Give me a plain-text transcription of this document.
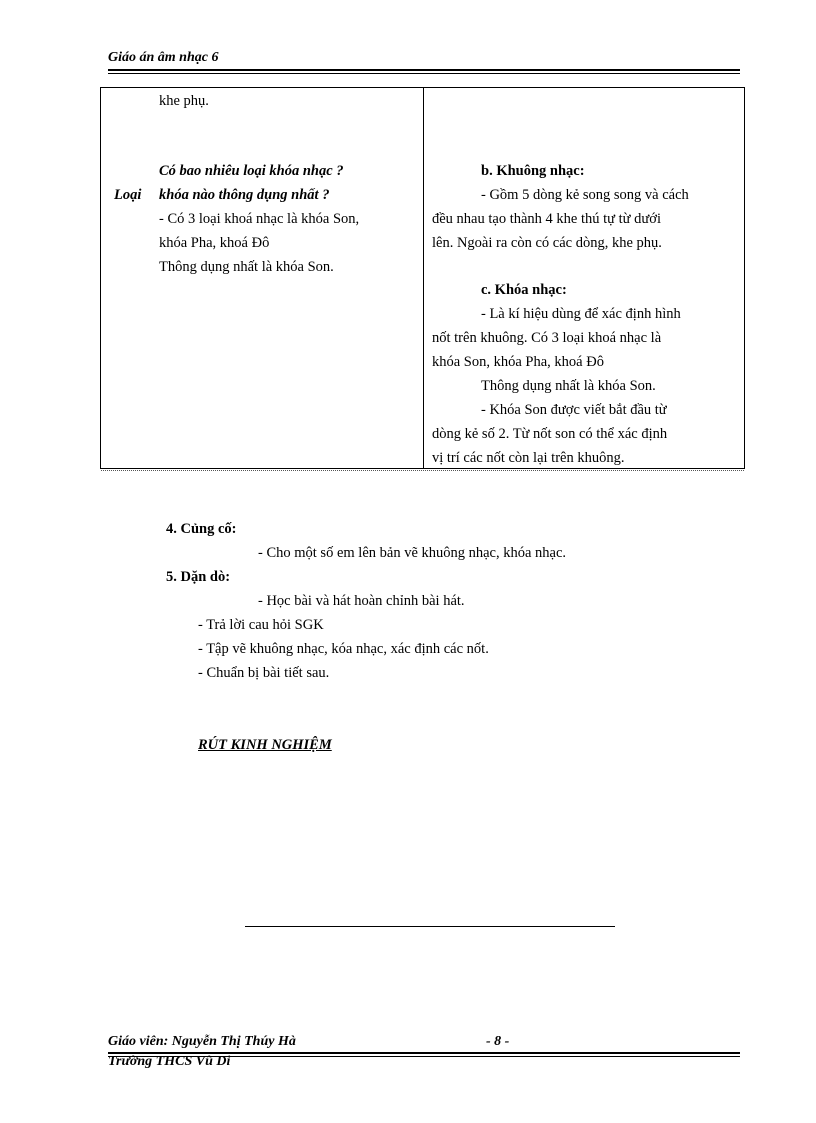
Giáo án âm nhạc 6
khe phụ.
Có bao nhiêu loại khóa nhạc ?
Loại khóa nào thông dụng nhất ?
- Có 3 loại khoá nhạc là khóa Son,
khóa Pha, khoá Đô
Thông dụng nhất là khóa Son.
b. Khuông nhạc:
- Gồm 5 dòng kẻ song song và cách
đều nhau tạo thành 4 khe thú tự từ dưới
lên. Ngoài ra còn có các dòng, khe phụ.
c. Khóa nhạc:
- Là kí hiệu dùng để xác định hình
nốt trên khuông. Có 3 loại khoá nhạc là
khóa Son, khóa Pha, khoá Đô
Thông dụng nhất là khóa Son.
- Khóa Son được viết bắt đầu từ
dòng kẻ số 2. Từ nốt son có thể xác định
vị trí các nốt còn lại trên khuông.
4. Củng cố:
- Cho một số em lên bản vẽ khuông nhạc, khóa nhạc.
5. Dặn dò:
- Học bài và hát hoàn chỉnh bài hát.
- Trả lời cau hỏi SGK
- Tập vẽ khuông nhạc, kóa nhạc, xác định các nốt.
- Chuẩn bị bài tiết sau.
RÚT KINH NGHIỆM
Giáo viên: Nguyễn Thị Thúy Hà	- 8 -
Trường THCS Vũ Di
